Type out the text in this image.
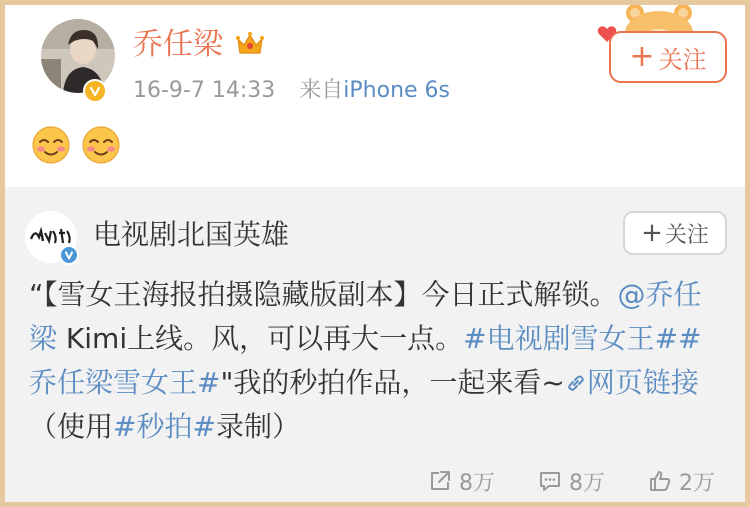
乔任梁
16-9-7 14:33 来自iPhone 6s
+ 关注
电视剧北国英雄	+ 关注
“【雪女王海报拍摄隐藏版副本】今日正式解锁。@乔任梁 Kimi上线。风，可以再大一点。#电视剧雪女王##乔任梁雪女王#"我的秒拍作品，一起来看~ 网页链接（使用#秒拍#录制）
8万	8万	2万
